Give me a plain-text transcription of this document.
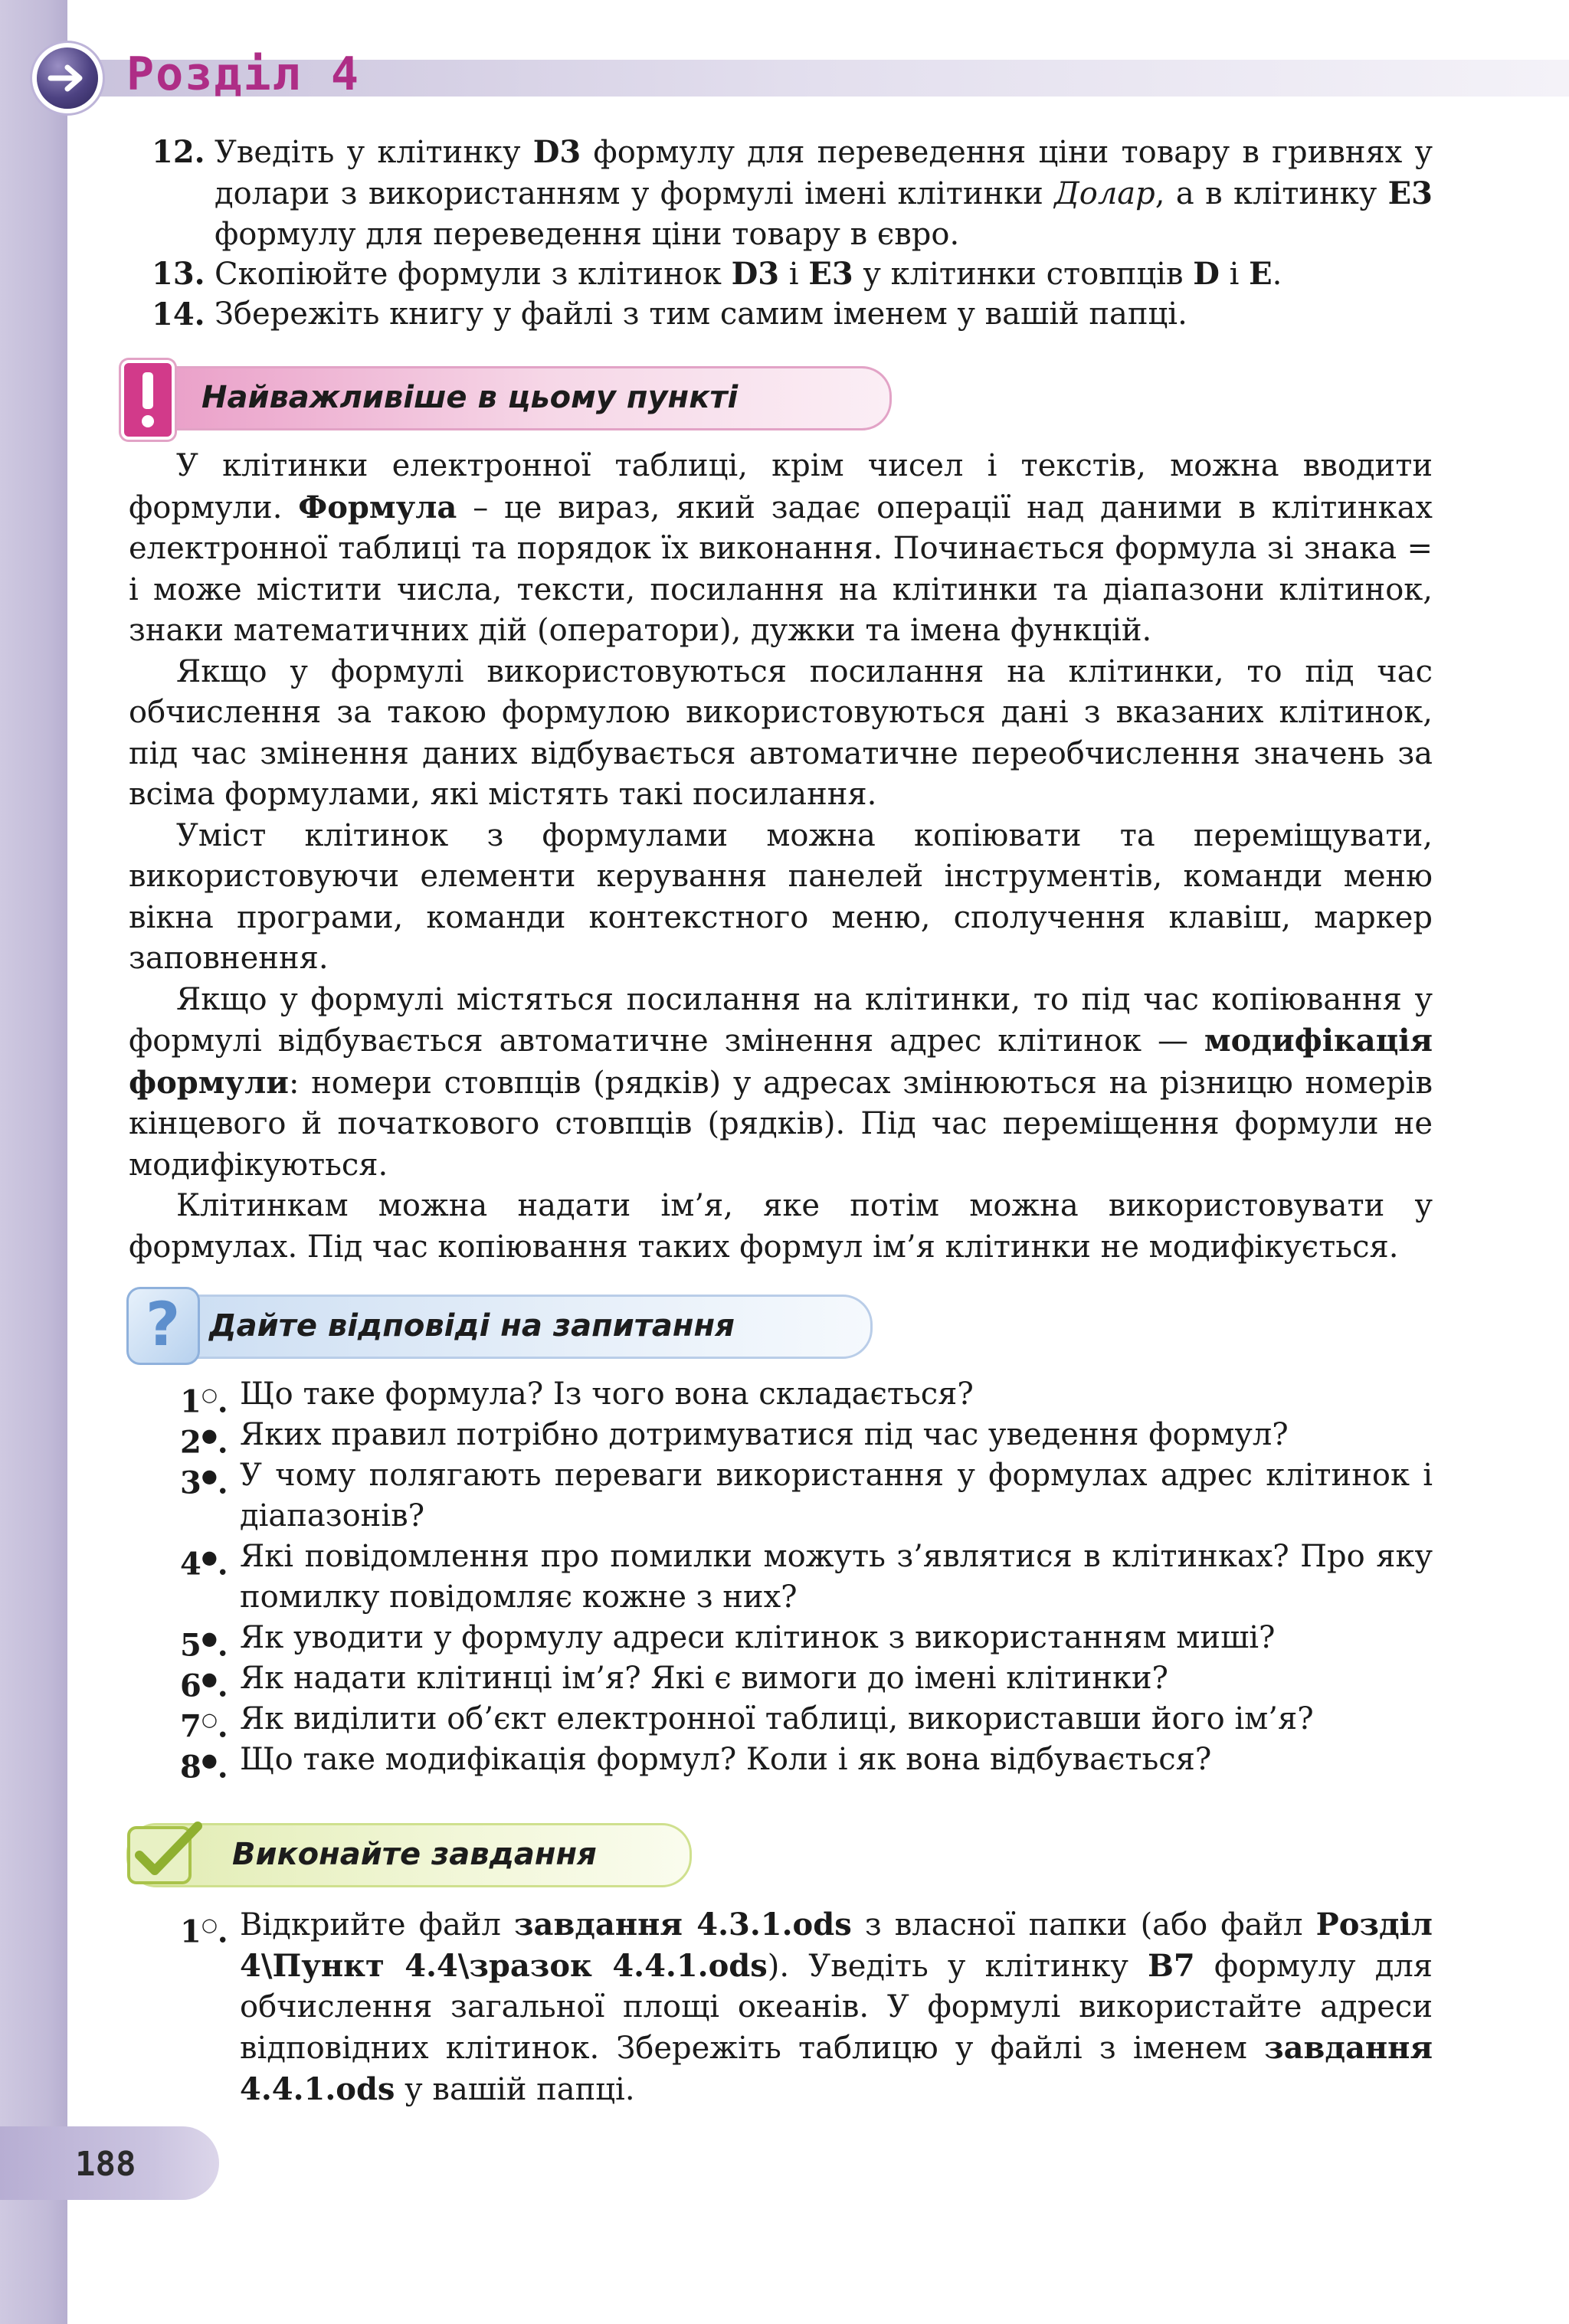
Розділ 4
12. Уведіть у клітинку D3 формулу для переведення ціни товару в гривнях у долари з використанням у формулі імені клітинки Долар, а в клітинку E3 формулу для переведення ціни товару в євро.
13. Скопіюйте формули з клітинок D3 і E3 у клітинки стовпців D і E.
14. Збережіть книгу у файлі з тим самим іменем у вашій папці.
Найважливіше в цьому пункті

У клітинки електронної таблиці, крім чисел і текстів, можна вводити формули. Формула – це вираз, який задає операції над даними в клітинках електронної таблиці та порядок їх виконання. Починається формула зі знака = і може містити числа, тексти, посилання на клітинки та діапазони клітинок, знаки математичних дій (оператори), дужки та імена функцій.

Якщо у формулі використовуються посилання на клітинки, то під час обчислення за такою формулою використовуються дані з вказаних клітинок, під час змінення даних відбувається автоматичне переобчислення значень за всіма формулами, які містять такі посилання.

Уміст клітинок з формулами можна копіювати та переміщувати, використовуючи елементи керування панелей інструментів, команди меню вікна програми, команди контекстного меню, сполучення клавіш, маркер заповнення.

Якщо у формулі містяться посилання на клітинки, то під час копіювання у формулі відбувається автоматичне змінення адрес клітинок — модифікація формули: номери стовпців (рядків) у адресах змінюються на різницю номерів кінцевого й початкового стовпців (рядків). Під час переміщення формули не модифікуються.

Клітинкам можна надати ім’я, яке потім можна використовувати у формулах. Під час копіювання таких формул ім’я клітинки не модифікується.

Дайте відповіді на запитання
?
1○. Що таке формула? Із чого вона складається?
2●. Яких правил потрібно дотримуватися під час уведення формул?
3●. У чому полягають переваги використання у формулах адрес клітинок і діапазонів?
4●. Які повідомлення про помилки можуть з’являтися в клітинках? Про яку помилку повідомляє кожне з них?
5●. Як уводити у формулу адреси клітинок з використанням миші?
6●. Як надати клітинці ім’я? Які є вимоги до імені клітинки?
7○. Як виділити об’єкт електронної таблиці, використавши його ім’я?
8●. Що таке модифікація формул? Коли і як вона відбувається?
Виконайте завдання
1○. Відкрийте файл завдання 4.3.1.ods з власної папки (або файл Розділ 4\Пункт 4.4\зразок 4.4.1.ods). Уведіть у клітинку B7 формулу для обчислення загальної площі океанів. У формулі використайте адреси відповідних клітинок. Збережіть таблицю у файлі з іменем завдання 4.4.1.ods у вашій папці.

188
